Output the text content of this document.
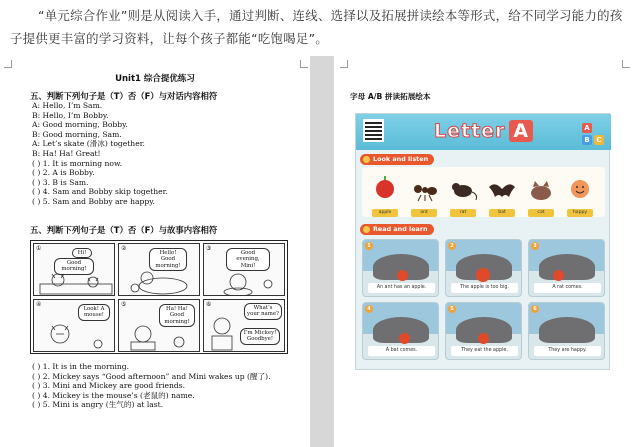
“单元综合作业”则是从阅读入手，通过判断、连线、选择以及拓展拼读绘本等形式，给不同学习能力的孩子提供更丰富的学习资料，让每个孩子都能“吃饱喝足”。

Unit1 综合提优练习
五、判断下列句子是（T）否（F）与对话内容相符
A: Hello, I’m Sam.
B: Hello, I’m Bobby.
A: Good morning, Bobby.
B: Good morning, Sam.
A: Let’s skate (滑冰) together.
B: Ha! Ha! Great!
( ) 1. It is morning now.
( ) 2. A is Bobby.
( ) 3. B is Sam.
( ) 4. Sam and Bobby skip together.
( ) 5. Sam and Bobby are happy.
五、判断下列句子是（T）否（F）与故事内容相符
①
Hi!
Good morning!
②
Hello! Good morning!
③
Good evening, Mini!
④
Look! A mouse!
⑤
Ha! Ha! Good morning!
⑥	What’s your name?
I’m Mickey! Goodbye!
( ) 1. It is in the morning.
( ) 2. Mickey says “Good afternoon” and Mini wakes up (醒了).
( ) 3. Mini and Mickey are good friends.
( ) 4. Mickey is the mouse’s (老鼠的) name.
( ) 5. Mini is angry (生气的) at last.
字母 A/B 拼读拓展绘本
Letter A	A
B C
Look and listen
apple	ant	rat	bat	cat	happy
Read and learn
1
An ant has an apple.
2
The apple is too big.
3
A rat comes.
4
A bat comes.
5
They eat the apple.
6
They are happy.
